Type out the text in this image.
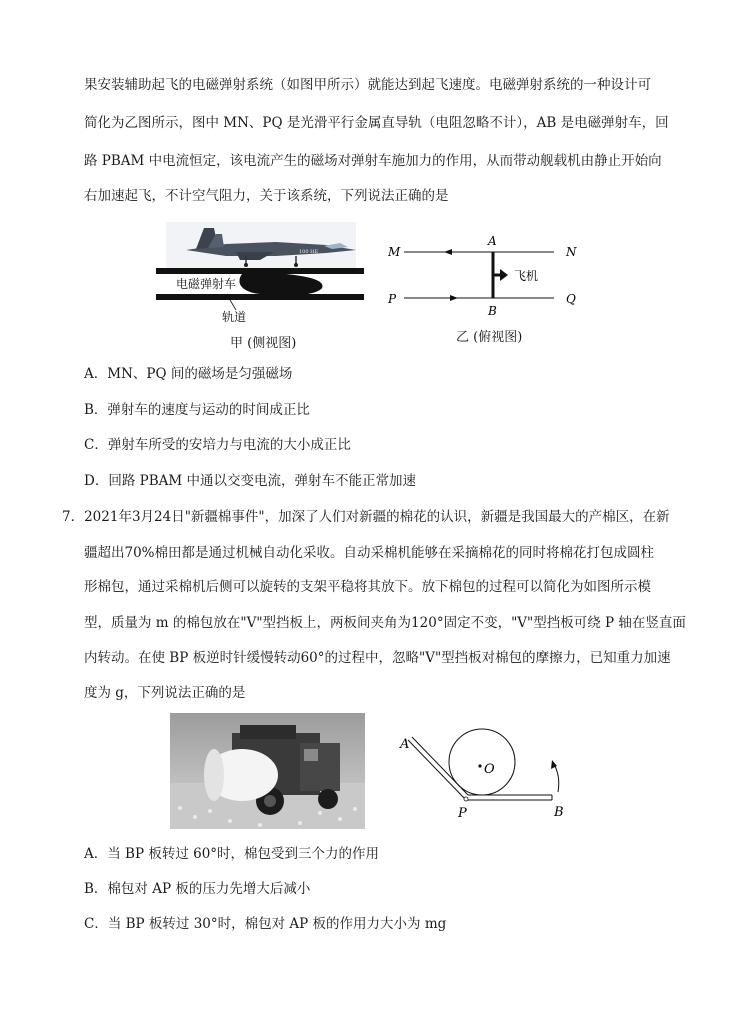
果安装辅助起飞的电磁弹射系统（如图甲所示）就能达到起飞速度。电磁弹射系统的一种设计可
简化为乙图所示，图中 MN、PQ 是光滑平行金属直导轨（电阻忽略不计），AB 是电磁弹射车，回
路 PBAM 中电流恒定，该电流产生的磁场对弹射车施加力的作用，从而带动舰载机由静止开始向
右加速起飞，不计空气阻力，关于该系统，下列说法正确的是
100 HE
电磁弹射车
轨道
甲 (侧视图)
M	N
P	Q
A
B
飞机
乙 (俯视图)
A．MN、PQ 间的磁场是匀强磁场
B．弹射车的速度与运动的时间成正比
C．弹射车所受的安培力与电流的大小成正比
D．回路 PBAM 中通以交变电流，弹射车不能正常加速
7．2021年3月24日"新疆棉事件"，加深了人们对新疆的棉花的认识，新疆是我国最大的产棉区，在新
疆超出70%棉田都是通过机械自动化采收。自动采棉机能够在采摘棉花的同时将棉花打包成圆柱
形棉包，通过采棉机后侧可以旋转的支架平稳将其放下。放下棉包的过程可以简化为如图所示模
型，质量为 m 的棉包放在"V"型挡板上，两板间夹角为120°固定不变，"V"型挡板可绕 P 轴在竖直面
内转动。在使 BP 板逆时针缓慢转动60°的过程中，忽略"V"型挡板对棉包的摩擦力，已知重力加速
度为 g，下列说法正确的是
A
O
P	B
A．当 BP 板转过 60°时，棉包受到三个力的作用
B．棉包对 AP 板的压力先增大后减小
C．当 BP 板转过 30°时，棉包对 AP 板的作用力大小为 mg
